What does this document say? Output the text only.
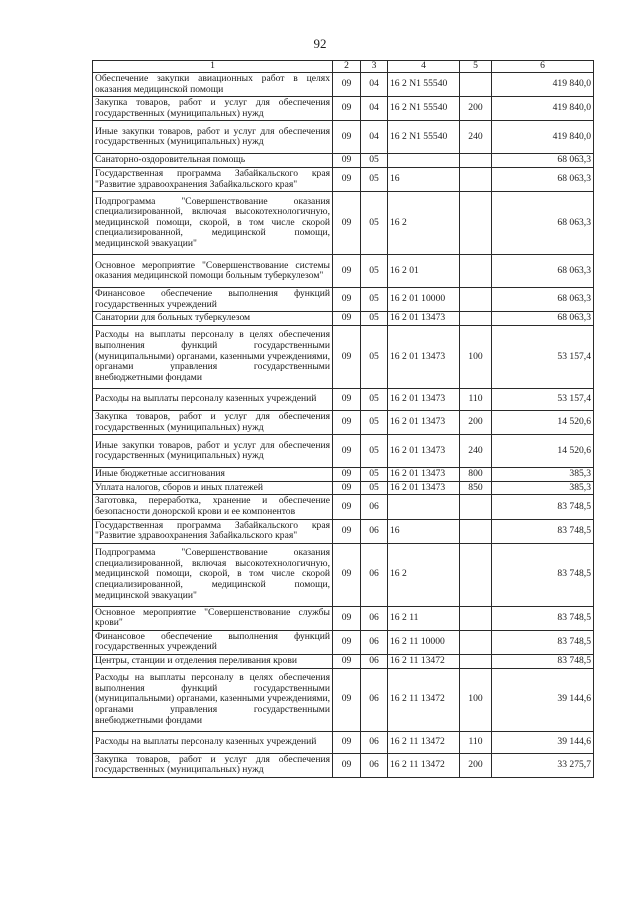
92
1	2	3	4	5	6
Обеспечение закупки авиационных работ в целях оказания медицинской помощи	09	04	16 2 N1 55540		419 840,0
Закупка товаров, работ и услуг для обеспечения государственных (муниципальных) нужд	09	04	16 2 N1 55540	200	419 840,0
Иные закупки товаров, работ и услуг для обеспечения государственных (муниципальных) нужд	09	04	16 2 N1 55540	240	419 840,0
Санаторно-оздоровительная помощь	09	05			68 063,3
Государственная программа Забайкальского края "Развитие здравоохранения Забайкальского края"	09	05	16		68 063,3
Подпрограмма "Совершенствование оказания специализированной, включая высокотехнологичную, медицинской помощи, скорой, в том числе скорой специализированной, медицинской помощи, медицинской эвакуации"	09	05	16 2		68 063,3
Основное мероприятие "Совершенствование системы оказания медицинской помощи больным туберкулезом"	09	05	16 2 01		68 063,3
Финансовое обеспечение выполнения функций государственных учреждений	09	05	16 2 01 10000		68 063,3
Санатории для больных туберкулезом	09	05	16 2 01 13473		68 063,3
Расходы на выплаты персоналу в целях обеспечения выполнения функций государственными (муниципальными) органами, казенными учреждениями, органами управления государственными внебюджетными фондами	09	05	16 2 01 13473	100	53 157,4
Расходы на выплаты персоналу казенных учреждений	09	05	16 2 01 13473	110	53 157,4
Закупка товаров, работ и услуг для обеспечения государственных (муниципальных) нужд	09	05	16 2 01 13473	200	14 520,6
Иные закупки товаров, работ и услуг для обеспечения государственных (муниципальных) нужд	09	05	16 2 01 13473	240	14 520,6
Иные бюджетные ассигнования	09	05	16 2 01 13473	800	385,3
Уплата налогов, сборов и иных платежей	09	05	16 2 01 13473	850	385,3
Заготовка, переработка, хранение и обеспечение безопасности донорской крови и ее компонентов	09	06			83 748,5
Государственная программа Забайкальского края "Развитие здравоохранения Забайкальского края"	09	06	16		83 748,5
Подпрограмма "Совершенствование оказания специализированной, включая высокотехнологичную, медицинской помощи, скорой, в том числе скорой специализированной, медицинской помощи, медицинской эвакуации"	09	06	16 2		83 748,5
Основное мероприятие "Совершенствование службы крови"	09	06	16 2 11		83 748,5
Финансовое обеспечение выполнения функций государственных учреждений	09	06	16 2 11 10000		83 748,5
Центры, станции и отделения переливания крови	09	06	16 2 11 13472		83 748,5
Расходы на выплаты персоналу в целях обеспечения выполнения функций государственными (муниципальными) органами, казенными учреждениями, органами управления государственными внебюджетными фондами	09	06	16 2 11 13472	100	39 144,6
Расходы на выплаты персоналу казенных учреждений	09	06	16 2 11 13472	110	39 144,6
Закупка товаров, работ и услуг для обеспечения государственных (муниципальных) нужд	09	06	16 2 11 13472	200	33 275,7
